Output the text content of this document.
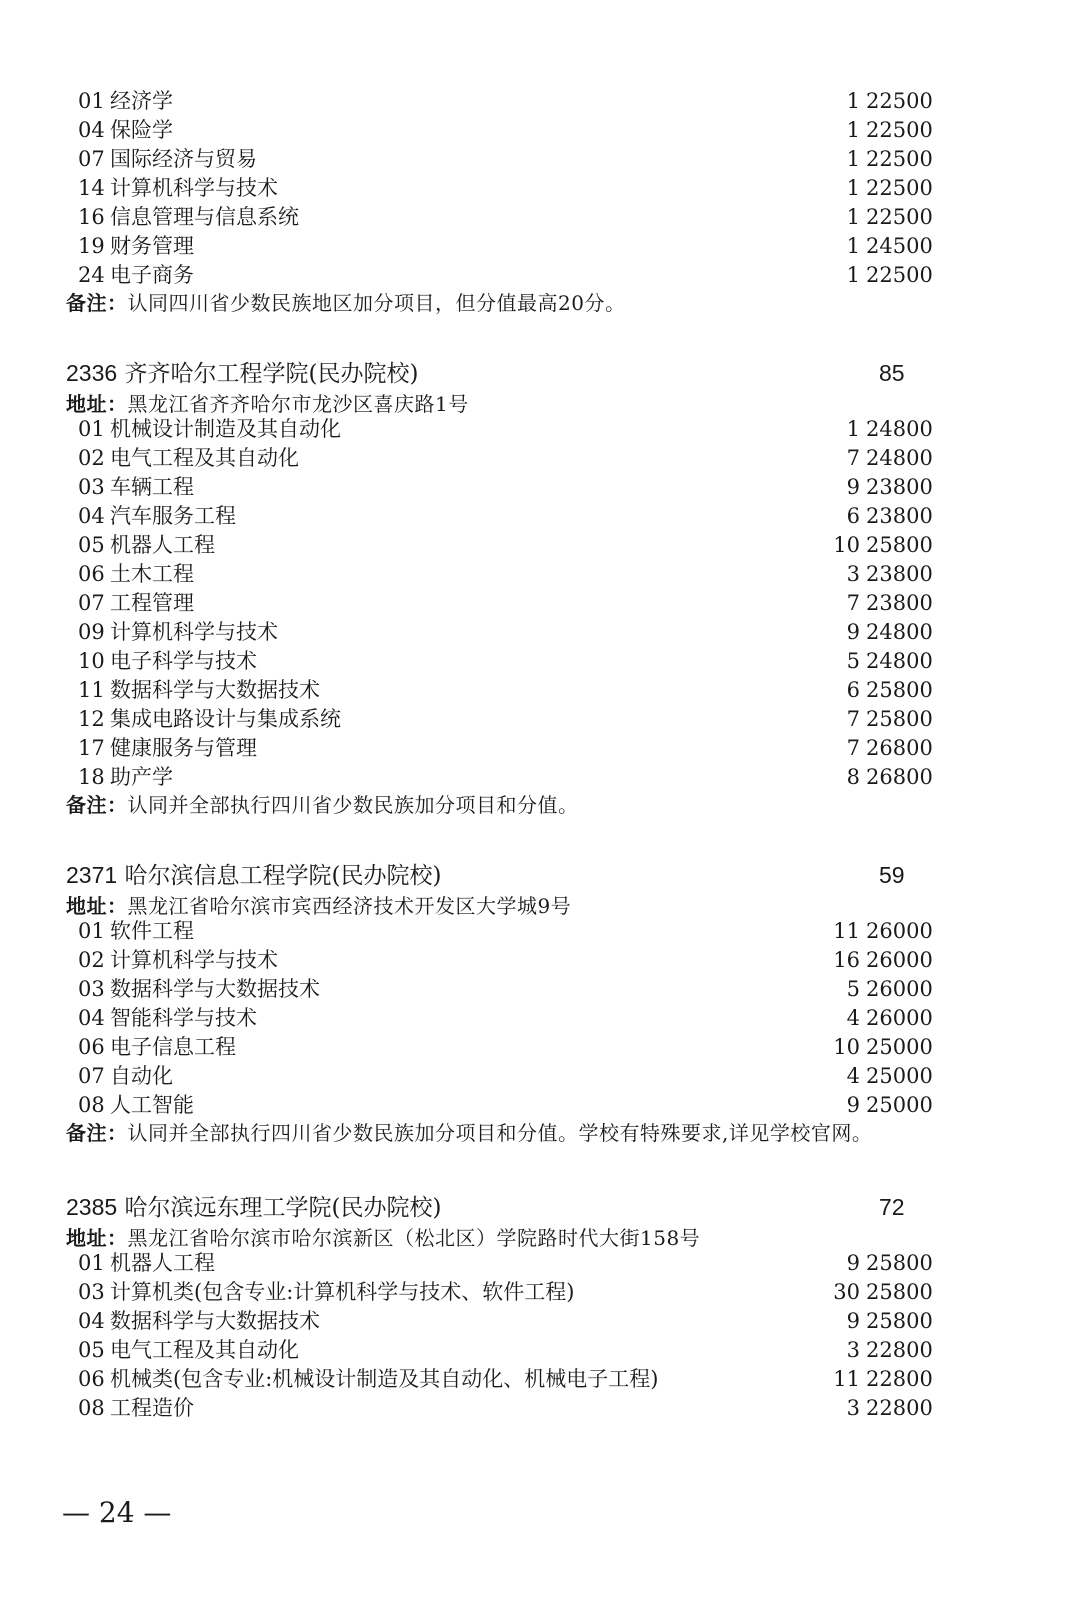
01 经济学	1 22500
04 保险学	1 22500
07 国际经济与贸易	1 22500
14 计算机科学与技术	1 22500
16 信息管理与信息系统	1 22500
19 财务管理	1 24500
24 电子商务	1 22500
备注：认同四川省少数民族地区加分项目，但分值最高20分。
2336 齐齐哈尔工程学院(民办院校)	85
地址：黑龙江省齐齐哈尔市龙沙区喜庆路1号
01 机械设计制造及其自动化	1 24800
02 电气工程及其自动化	7 24800
03 车辆工程	9 23800
04 汽车服务工程	6 23800
05 机器人工程	10 25800
06 土木工程	3 23800
07 工程管理	7 23800
09 计算机科学与技术	9 24800
10 电子科学与技术	5 24800
11 数据科学与大数据技术	6 25800
12 集成电路设计与集成系统	7 25800
17 健康服务与管理	7 26800
18 助产学	8 26800
备注：认同并全部执行四川省少数民族加分项目和分值。
2371 哈尔滨信息工程学院(民办院校)	59
地址：黑龙江省哈尔滨市宾西经济技术开发区大学城9号
01 软件工程	11 26000
02 计算机科学与技术	16 26000
03 数据科学与大数据技术	5 26000
04 智能科学与技术	4 26000
06 电子信息工程	10 25000
07 自动化	4 25000
08 人工智能	9 25000
备注：认同并全部执行四川省少数民族加分项目和分值。学校有特殊要求,详见学校官网。
2385 哈尔滨远东理工学院(民办院校)	72
地址：黑龙江省哈尔滨市哈尔滨新区（松北区）学院路时代大街158号
01 机器人工程	9 25800
03 计算机类(包含专业:计算机科学与技术、软件工程)	30 25800
04 数据科学与大数据技术	9 25800
05 电气工程及其自动化	3 22800
06 机械类(包含专业:机械设计制造及其自动化、机械电子工程)	11 22800
08 工程造价	3 22800
— 24 —
